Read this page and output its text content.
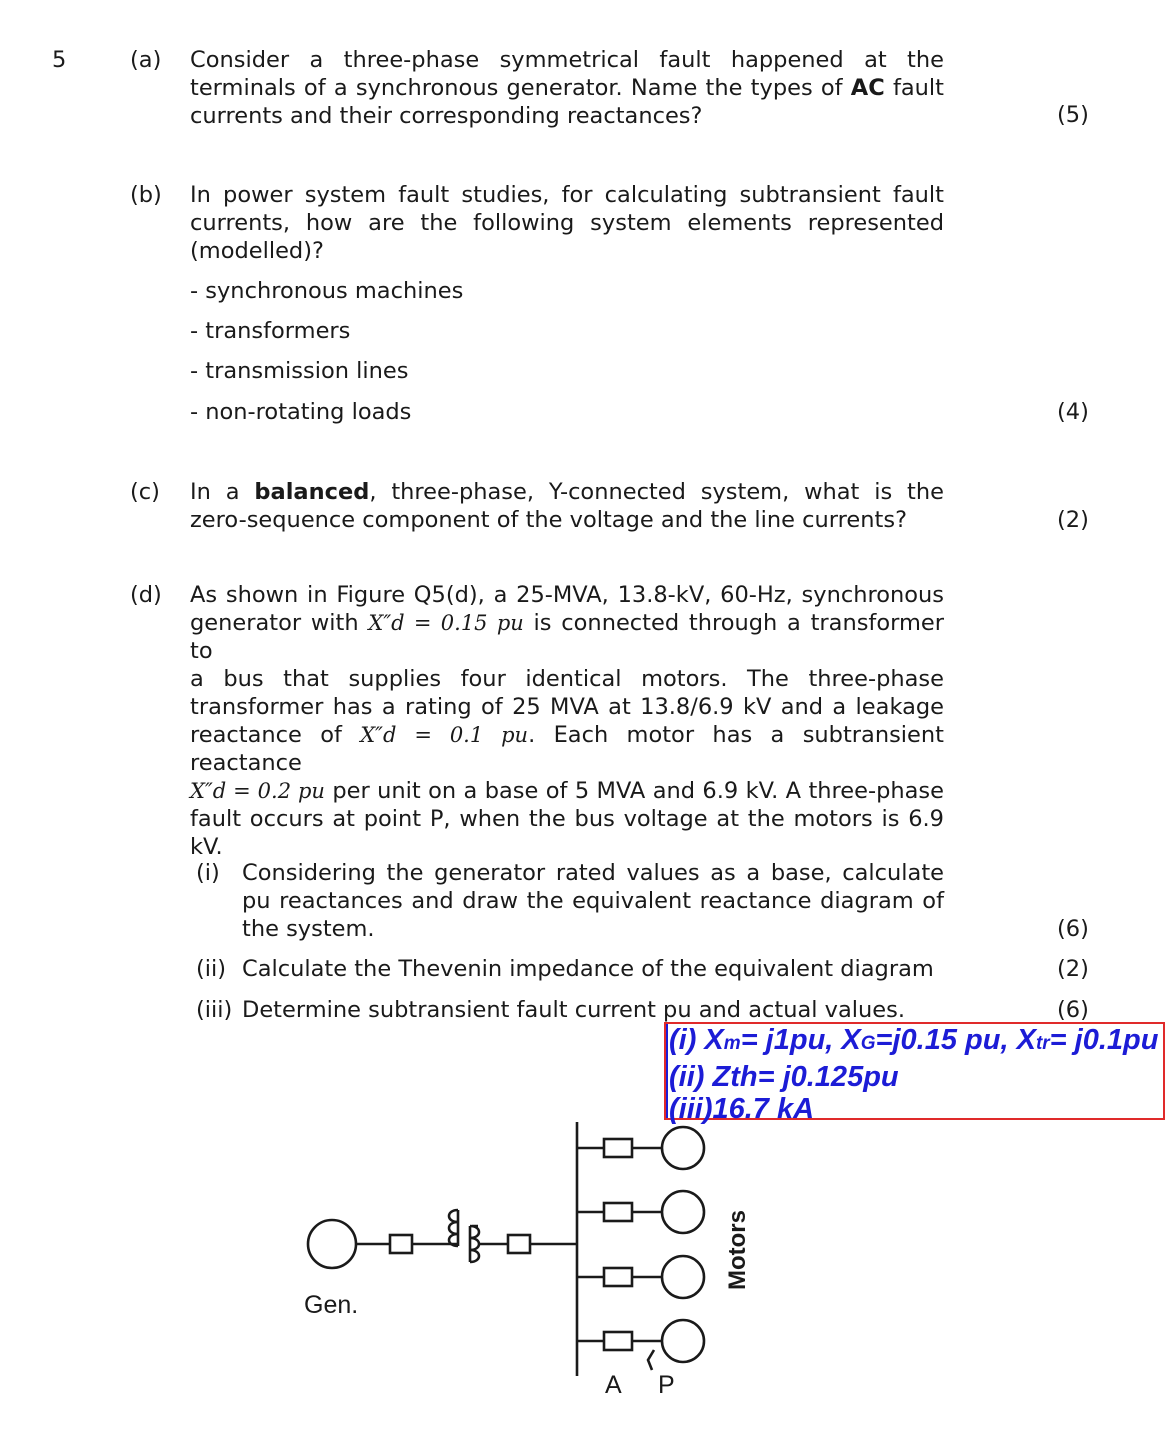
5	(a) Consider a three-phase symmetrical fault happened at the
terminals of a synchronous generator. Name the types of AC fault
currents and their corresponding reactances?	(5)
(b) In power system fault studies, for calculating subtransient fault
currents, how are the following system elements represented
(modelled)?
- synchronous machines
- transformers
- transmission lines
- non-rotating loads	(4)
(c) In a balanced, three-phase, Y-connected system, what is the
zero-sequence component of the voltage and the line currents?	(2)
(d) As shown in Figure Q5(d), a 25-MVA, 13.8-kV, 60-Hz, synchronous
generator with X″d = 0.15 pu is connected through a transformer to
a bus that supplies four identical motors. The three-phase
transformer has a rating of 25 MVA at 13.8/6.9 kV and a leakage
reactance of X″d = 0.1 pu. Each motor has a subtransient reactance
X″d = 0.2 pu per unit on a base of 5 MVA and 6.9 kV. A three-phase
fault occurs at point P, when the bus voltage at the motors is 6.9
kV.
(i) Considering the generator rated values as a base, calculate
pu reactances and draw the equivalent reactance diagram of
the system.	(6)
(ii) Calculate the Thevenin impedance of the equivalent diagram	(2)
(iii) Determine subtransient fault current pu and actual values.	(6)
(i) Xm= j1pu, XG=j0.15 pu, Xtr= j0.1pu
(ii) Zth= j0.125pu
(iii)16.7 kA
Gen.
Motors
A P
